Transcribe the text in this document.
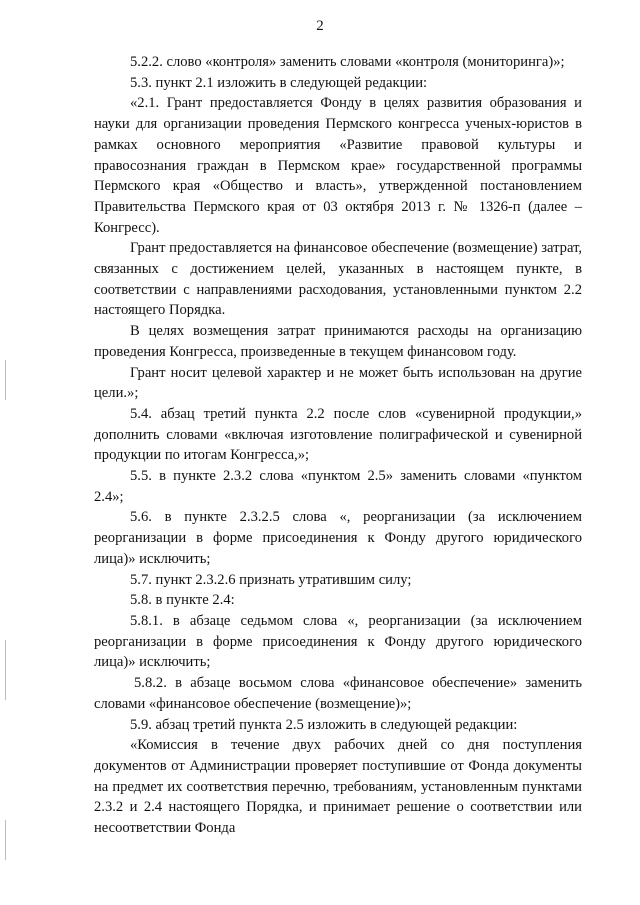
2

5.2.2. слово «контроля» заменить словами «контроля (мониторинга)»;

5.3. пункт 2.1 изложить в следующей редакции:

«2.1. Грант предоставляется Фонду в целях развития образования и науки для организации проведения Пермского конгресса ученых-юристов в рамках основного мероприятия «Развитие правовой культуры и правосознания граждан в Пермском крае» государственной программы Пермского края «Общество и власть», утвержденной постановлением Правительства Пермского края от 03 октября 2013 г. № 1326-п (далее – Конгресс).

Грант предоставляется на финансовое обеспечение (возмещение) затрат, связанных с достижением целей, указанных в настоящем пункте, в соответствии с направлениями расходования, установленными пунктом 2.2 настоящего Порядка.

В целях возмещения затрат принимаются расходы на организацию проведения Конгресса, произведенные в текущем финансовом году.

Грант носит целевой характер и не может быть использован на другие цели.»;

5.4. абзац третий пункта 2.2 после слов «сувенирной продукции,» дополнить словами «включая изготовление полиграфической и сувенирной продукции по итогам Конгресса,»;

5.5. в пункте 2.3.2 слова «пунктом 2.5» заменить словами «пунктом 2.4»;

5.6. в пункте 2.3.2.5 слова «, реорганизации (за исключением реорганизации в форме присоединения к Фонду другого юридического лица)» исключить;

5.7. пункт 2.3.2.6 признать утратившим силу;

5.8. в пункте 2.4:

5.8.1. в абзаце седьмом слова «, реорганизации (за исключением реорганизации в форме присоединения к Фонду другого юридического лица)» исключить;

5.8.2. в абзаце восьмом слова «финансовое обеспечение» заменить словами «финансовое обеспечение (возмещение)»;

5.9. абзац третий пункта 2.5 изложить в следующей редакции:

«Комиссия в течение двух рабочих дней со дня поступления документов от Администрации проверяет поступившие от Фонда документы на предмет их соответствия перечню, требованиям, установленным пунктами 2.3.2 и 2.4 настоящего Порядка, и принимает решение о соответствии или несоответствии Фонда
